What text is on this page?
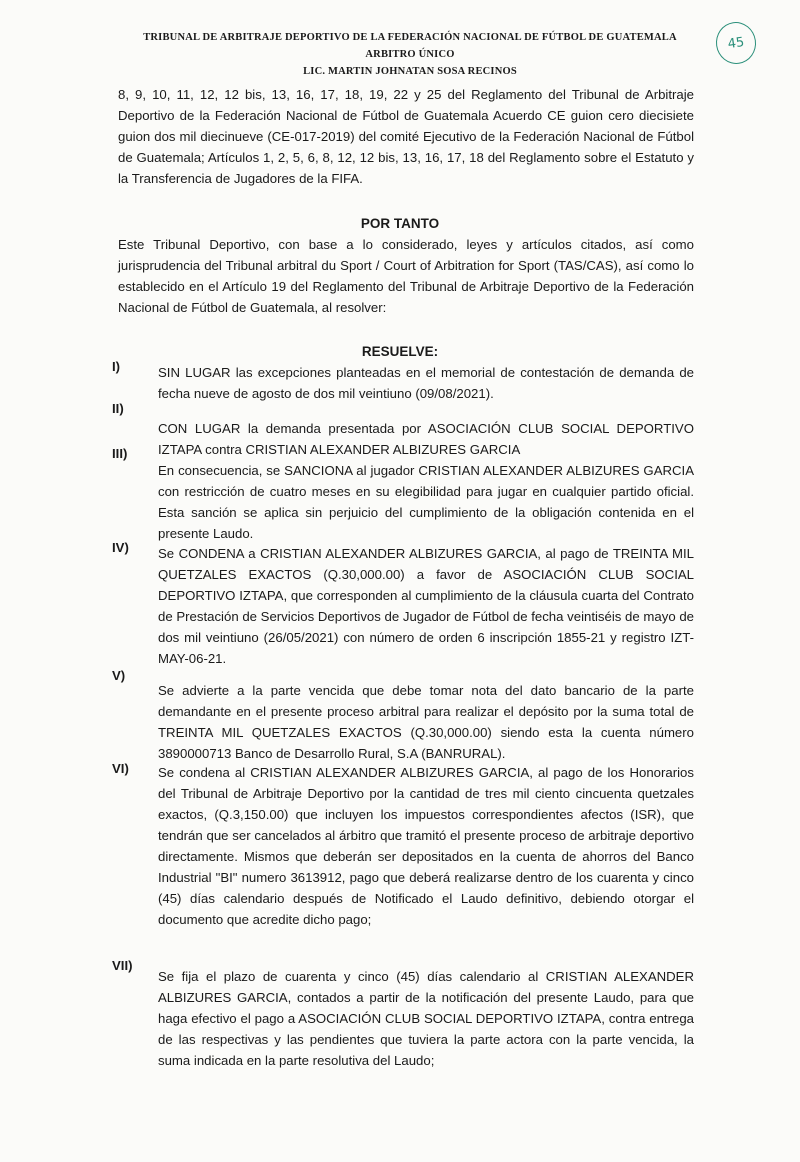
TRIBUNAL DE ARBITRAJE DEPORTIVO DE LA FEDERACIÓN NACIONAL DE FÚTBOL DE GUATEMALA
ARBITRO ÚNICO
LIC. MARTIN JOHNATAN SOSA RECINOS
45

8, 9, 10, 11, 12, 12 bis, 13, 16, 17, 18, 19, 22 y 25 del Reglamento del Tribunal de Arbitraje Deportivo de la Federación Nacional de Fútbol de Guatemala Acuerdo CE guion cero diecisiete guion dos mil diecinueve (CE-017-2019) del comité Ejecutivo de la Federación Nacional de Fútbol de Guatemala; Artículos 1, 2, 5, 6, 8, 12, 12 bis, 13, 16, 17, 18 del Reglamento sobre el Estatuto y la Transferencia de Jugadores de la FIFA.

POR TANTO

Este Tribunal Deportivo, con base a lo considerado, leyes y artículos citados, así como jurisprudencia del Tribunal arbitral du Sport / Court of Arbitration for Sport (TAS/CAS), así como lo establecido en el Artículo 19 del Reglamento del Tribunal de Arbitraje Deportivo de la Federación Nacional de Fútbol de Guatemala, al resolver:

RESUELVE:
I)	SIN LUGAR las excepciones planteadas en el memorial de contestación de demanda de fecha nueve de agosto de dos mil veintiuno (09/08/2021).

II)

CON LUGAR la demanda presentada por ASOCIACIÓN CLUB SOCIAL DEPORTIVO IZTAPA contra CRISTIAN ALEXANDER ALBIZURES GARCIA

III)

En consecuencia, se SANCIONA al jugador CRISTIAN ALEXANDER ALBIZURES GARCIA con restricción de cuatro meses en su elegibilidad para jugar en cualquier partido oficial. Esta sanción se aplica sin perjuicio del cumplimiento de la obligación contenida en el presente Laudo.

IV)	Se CONDENA a CRISTIAN ALEXANDER ALBIZURES GARCIA, al pago de TREINTA MIL QUETZALES EXACTOS (Q.30,000.00) a favor de ASOCIACIÓN CLUB SOCIAL DEPORTIVO IZTAPA, que corresponden al cumplimiento de la cláusula cuarta del Contrato de Prestación de Servicios Deportivos de Jugador de Fútbol de fecha veintiséis de mayo de dos mil veintiuno (26/05/2021) con número de orden 6 inscripción 1855-21 y registro IZT-MAY-06-21.

V)

Se advierte a la parte vencida que debe tomar nota del dato bancario de la parte demandante en el presente proceso arbitral para realizar el depósito por la suma total de TREINTA MIL QUETZALES EXACTOS (Q.30,000.00) siendo esta la cuenta número 3890000713 Banco de Desarrollo Rural, S.A (BANRURAL).

VI)	Se condena al CRISTIAN ALEXANDER ALBIZURES GARCIA, al pago de los Honorarios del Tribunal de Arbitraje Deportivo por la cantidad de tres mil ciento cincuenta quetzales exactos, (Q.3,150.00) que incluyen los impuestos correspondientes afectos (ISR), que tendrán que ser cancelados al árbitro que tramitó el presente proceso de arbitraje deportivo directamente. Mismos que deberán ser depositados en la cuenta de ahorros del Banco Industrial "BI" numero 3613912, pago que deberá realizarse dentro de los cuarenta y cinco (45) días calendario después de Notificado el Laudo definitivo, debiendo otorgar el documento que acredite dicho pago;

VII)

Se fija el plazo de cuarenta y cinco (45) días calendario al CRISTIAN ALEXANDER ALBIZURES GARCIA, contados a partir de la notificación del presente Laudo, para que haga efectivo el pago a ASOCIACIÓN CLUB SOCIAL DEPORTIVO IZTAPA, contra entrega de las respectivas y las pendientes que tuviera la parte actora con la parte vencida, la suma indicada en la parte resolutiva del Laudo;
